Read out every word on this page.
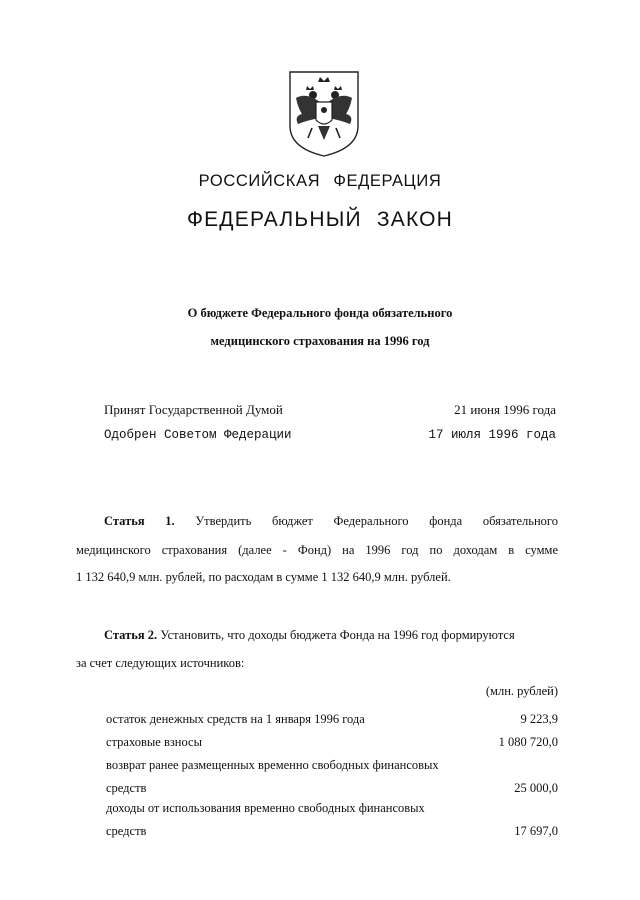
РОССИЙСКАЯ ФЕДЕРАЦИЯ
ФЕДЕРАЛЬНЫЙ ЗАКОН
О бюджете Федерального фонда обязательного
медицинского страхования на 1996 год
Принят Государственной Думой	21 июня 1996 года
Одобрен Советом Федерации	17 июля 1996 года
Статья 1. Утвердить бюджет Федерального фонда обязательного
медицинского страхования (далее - Фонд) на 1996 год по доходам в сумме
1 132 640,9 млн. рублей, по расходам в сумме 1 132 640,9 млн. рублей.
Статья 2. Установить, что доходы бюджета Фонда на 1996 год формируются
за счет следующих источников:
(млн. рублей)
остаток денежных средств на 1 января 1996 года	9 223,9
страховые взносы	1 080 720,0
возврат ранее размещенных временно свободных финансовых
средств	25 000,0
доходы от использования временно свободных финансовых
средств	17 697,0
